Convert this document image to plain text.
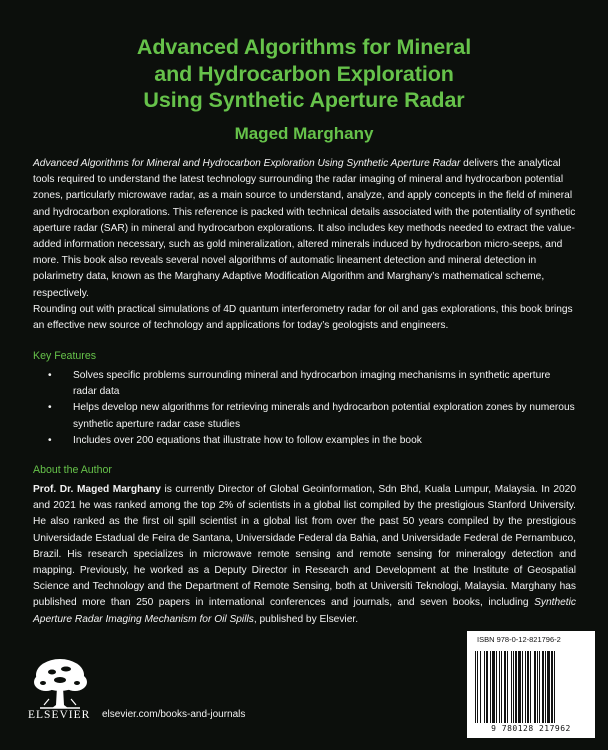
Advanced Algorithms for Mineral
and Hydrocarbon Exploration
Using Synthetic Aperture Radar
Maged Marghany

Advanced Algorithms for Mineral and Hydrocarbon Exploration Using Synthetic Aperture Radar delivers the analytical tools required to understand the latest technology surrounding the radar imaging of mineral and hydrocarbon potential zones, particularly microwave radar, as a main source to understand, analyze, and apply concepts in the field of mineral and hydrocarbon explorations. This reference is packed with technical details associated with the potentiality of synthetic aperture radar (SAR) in mineral and hydrocarbon explorations. It also includes key methods needed to extract the value-added information necessary, such as gold mineralization, altered minerals induced by hydrocarbon micro-seeps, and more. This book also reveals several novel algorithms of automatic lineament detection and mineral detection in polarimetry data, known as the Marghany Adaptive Modification Algorithm and Marghany’s mathematical scheme, respectively.

Rounding out with practical simulations of 4D quantum interferometry radar for oil and gas explorations, this book brings an effective new source of technology and applications for today’s geologists and engineers.

Key Features
• Solves specific problems surrounding mineral and hydrocarbon imaging mechanisms in synthetic aperture radar data
• Helps develop new algorithms for retrieving minerals and hydrocarbon potential exploration zones by numerous synthetic aperture radar case studies
• Includes over 200 equations that illustrate how to follow examples in the book
About the Author

Prof. Dr. Maged Marghany is currently Director of Global Geoinformation, Sdn Bhd, Kuala Lumpur, Malaysia. In 2020 and 2021 he was ranked among the top 2% of scientists in a global list compiled by the prestigious Stanford University. He also ranked as the first oil spill scientist in a global list from over the past 50 years compiled by the prestigious Universidade Estadual de Feira de Santana, Universidade Federal da Bahia, and Universidade Federal de Pernambuco, Brazil. His research specializes in microwave remote sensing and remote sensing for mineralogy detection and mapping. Previously, he worked as a Deputy Director in Research and Development at the Institute of Geospatial Science and Technology and the Department of Remote Sensing, both at Universiti Teknologi, Malaysia. Marghany has published more than 250 papers in international conferences and journals, and seven books, including Synthetic Aperture Radar Imaging Mechanism for Oil Spills, published by Elsevier.

ELSEVIER elsevier.com/books-and-journals
ISBN 978-0-12-821796-2
9 780128 217962
